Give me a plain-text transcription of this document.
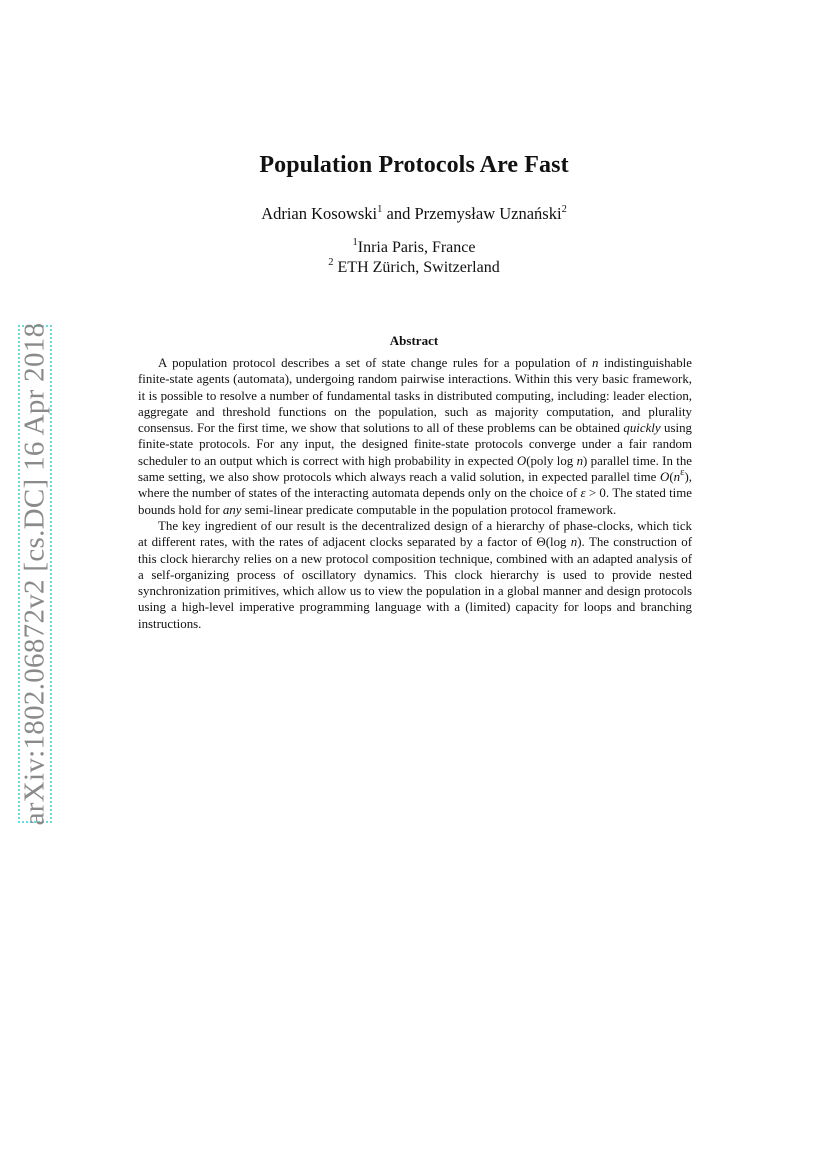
arXiv:1802.06872v2 [cs.DC] 16 Apr 2018
Population Protocols Are Fast
Adrian Kosowski$^1$ and Przemysław Uznański$^2$
$^1$Inria Paris, France
$^2$ ETH Zürich, Switzerland
Abstract

A population protocol describes a set of state change rules for a population of n indistinguishable finite-state agents (automata), undergoing random pairwise interactions. Within this very basic framework, it is possible to resolve a number of fundamental tasks in distributed computing, including: leader election, aggregate and threshold functions on the population, such as majority computation, and plurality consensus. For the first time, we show that solutions to all of these problems can be obtained quickly using finite-state protocols. For any input, the designed finite-state protocols converge under a fair random scheduler to an output which is correct with high probability in expected O(poly log n) parallel time. In the same setting, we also show protocols which always reach a valid solution, in expected parallel time $O(n^\varepsilon)$, where the number of states of the interacting automata depends only on the choice of ε > 0. The stated time bounds hold for any semi-linear predicate computable in the population protocol framework.

The key ingredient of our result is the decentralized design of a hierarchy of phase-clocks, which tick at different rates, with the rates of adjacent clocks separated by a factor of Θ(log n). The construction of this clock hierarchy relies on a new protocol composition technique, combined with an adapted analysis of a self-organizing process of oscillatory dynamics. This clock hierarchy is used to provide nested synchronization primitives, which allow us to view the population in a global manner and design protocols using a high-level imperative programming language with a (limited) capacity for loops and branching instructions.
